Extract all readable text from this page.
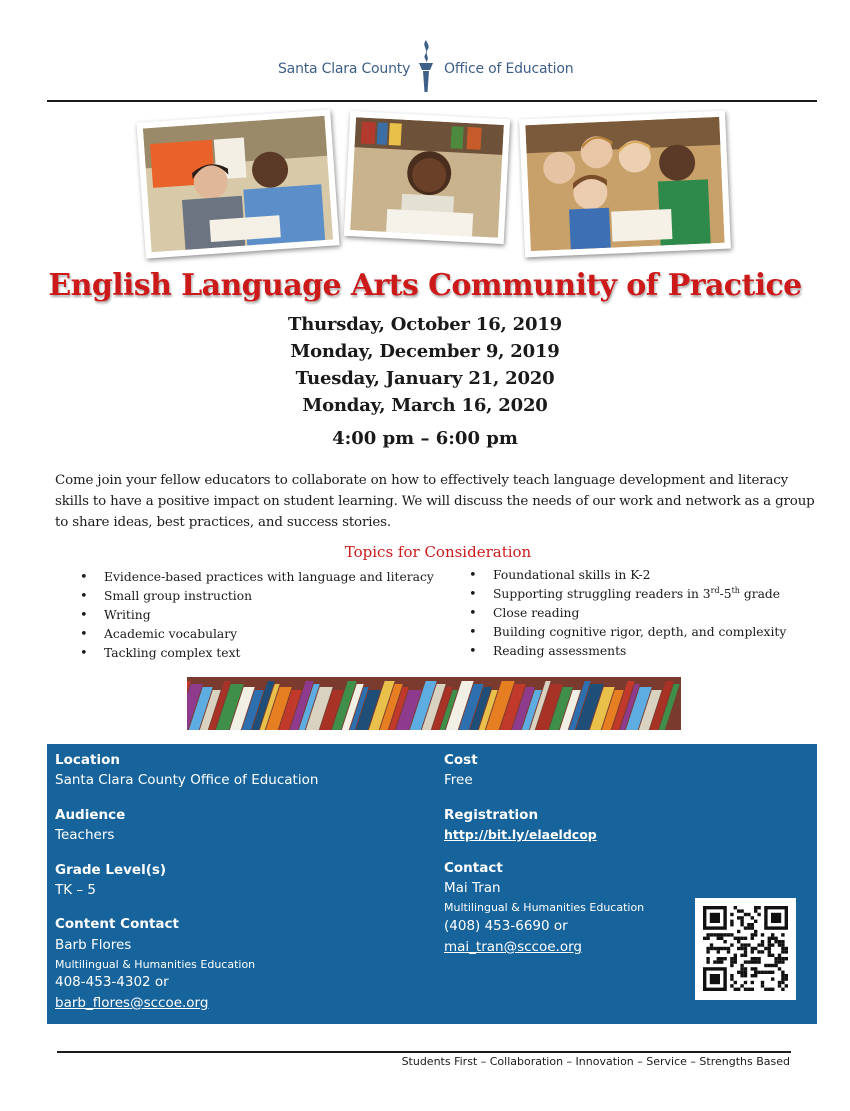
Santa Clara County Office of Education
English Language Arts Community of Practice
Thursday, October 16, 2019
Monday, December 9, 2019
Tuesday, January 21, 2020
Monday, March 16, 2020
4:00 pm – 6:00 pm

Come join your fellow educators to collaborate on how to effectively teach language development and literacy skills to have a positive impact on student learning. We will discuss the needs of our work and network as a group to share ideas, best practices, and success stories.

Topics for Consideration
• Evidence-based practices with language and literacy
• Small group instruction
• Writing
• Academic vocabulary
• Tackling complex text
• Foundational skills in K-2
• Supporting struggling readers in 3rd-5th grade
• Close reading
• Building cognitive rigor, depth, and complexity
• Reading assessments
Location
Santa Clara County Office of Education
Audience
Teachers
Grade Level(s)
TK – 5
Content Contact
Barb Flores
Multilingual & Humanities Education
408-453-4302 or
barb_flores@sccoe.org
Cost
Free
Registration
http://bit.ly/elaeldcop
Contact
Mai Tran
Multilingual & Humanities Education
(408) 453-6690 or
mai_tran@sccoe.org
Students First – Collaboration – Innovation – Service – Strengths Based
